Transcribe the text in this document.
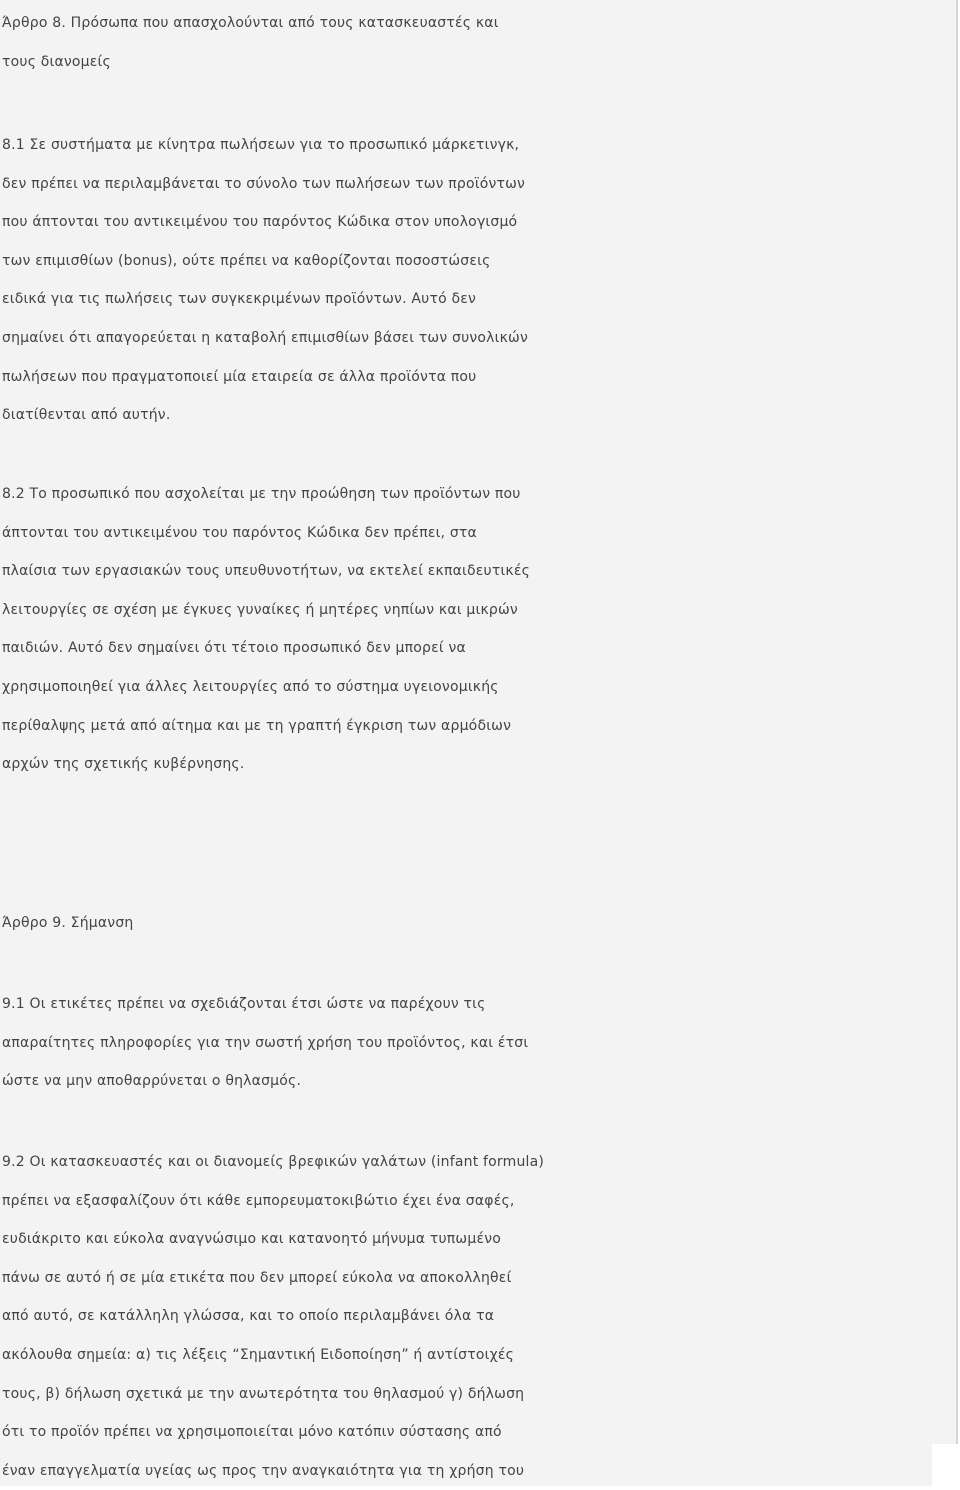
Άρθρο 8. Πρόσωπα που απασχολούνται από τους κατασκευαστές και
τους διανομείς
8.1 Σε συστήματα με κίνητρα πωλήσεων για το προσωπικό μάρκετινγκ,
δεν πρέπει να περιλαμβάνεται το σύνολο των πωλήσεων των προϊόντων
που άπτονται του αντικειμένου του παρόντος Κώδικα στον υπολογισμό
των επιμισθίων (bonus), ούτε πρέπει να καθορίζονται ποσοστώσεις
ειδικά για τις πωλήσεις των συγκεκριμένων προϊόντων. Αυτό δεν
σημαίνει ότι απαγορεύεται η καταβολή επιμισθίων βάσει των συνολικών
πωλήσεων που πραγματοποιεί μία εταιρεία σε άλλα προϊόντα που
διατίθενται από αυτήν.
8.2 Το προσωπικό που ασχολείται με την προώθηση των προϊόντων που
άπτονται του αντικειμένου του παρόντος Κώδικα δεν πρέπει, στα
πλαίσια των εργασιακών τους υπευθυνοτήτων, να εκτελεί εκπαιδευτικές
λειτουργίες σε σχέση με έγκυες γυναίκες ή μητέρες νηπίων και μικρών
παιδιών. Αυτό δεν σημαίνει ότι τέτοιο προσωπικό δεν μπορεί να
χρησιμοποιηθεί για άλλες λειτουργίες από το σύστημα υγειονομικής
περίθαλψης μετά από αίτημα και με τη γραπτή έγκριση των αρμόδιων
αρχών της σχετικής κυβέρνησης.
Άρθρο 9. Σήμανση
9.1 Οι ετικέτες πρέπει να σχεδιάζονται έτσι ώστε να παρέχουν τις
απαραίτητες πληροφορίες για την σωστή χρήση του προϊόντος, και έτσι
ώστε να μην αποθαρρύνεται ο θηλασμός.
9.2 Οι κατασκευαστές και οι διανομείς βρεφικών γαλάτων (infant formula)
πρέπει να εξασφαλίζουν ότι κάθε εμπορευματοκιβώτιο έχει ένα σαφές,
ευδιάκριτο και εύκολα αναγνώσιμο και κατανοητό μήνυμα τυπωμένο
πάνω σε αυτό ή σε μία ετικέτα που δεν μπορεί εύκολα να αποκολληθεί
από αυτό, σε κατάλληλη γλώσσα, και το οποίο περιλαμβάνει όλα τα
ακόλουθα σημεία: α) τις λέξεις “Σημαντική Ειδοποίηση” ή αντίστοιχές
τους, β) δήλωση σχετικά με την ανωτερότητα του θηλασμού γ) δήλωση
ότι το προϊόν πρέπει να χρησιμοποιείται μόνο κατόπιν σύστασης από
έναν επαγγελματία υγείας ως προς την αναγκαιότητα για τη χρήση του
